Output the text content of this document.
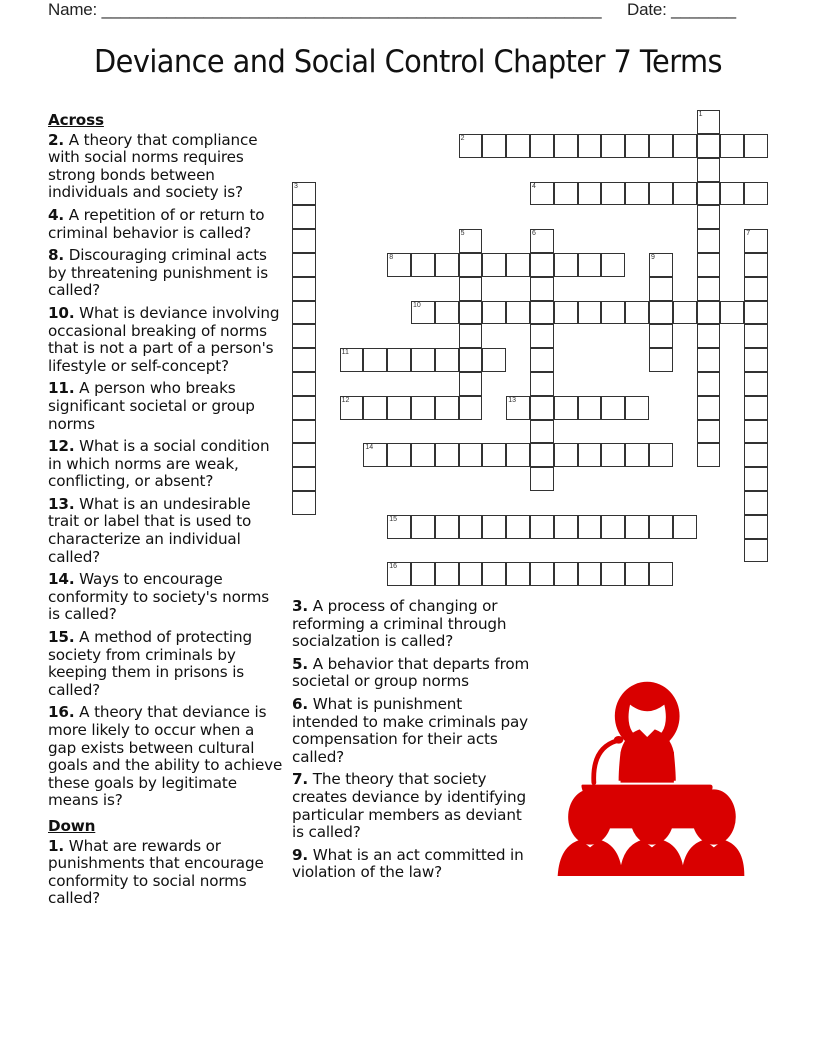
Name: ______________________________________________________ Date: _______
Deviance and Social Control Chapter 7 Terms
Across
2. A theory that compliance with social norms requires strong bonds between individuals and society is?
4. A repetition of or return to criminal behavior is called?
8. Discouraging criminal acts by threatening punishment is called?
10. What is deviance involving occasional breaking of norms that is not a part of a person's lifestyle or self-concept?
11. A person who breaks significant societal or group norms
12. What is a social condition in which norms are weak, conflicting, or absent?
13. What is an undesirable trait or label that is used to characterize an individual called?
14. Ways to encourage conformity to society's norms is called?
15. A method of protecting society from criminals by keeping them in prisons is called?
16. A theory that deviance is more likely to occur when a gap exists between cultural goals and the ability to achieve these goals by legitimate means is?
Down
1. What are rewards or punishments that encourage conformity to social norms called?
3. A process of changing or reforming a criminal through socialzation is called?
5. A behavior that departs from societal or group norms
6. What is punishment intended to make criminals pay compensation for their acts called?
7. The theory that society creates deviance by identifying particular members as deviant is called?
9. What is an act committed in violation of the law?
1
2
3	4
5	6	7
8	9
10
11
12	13
14
15
16
